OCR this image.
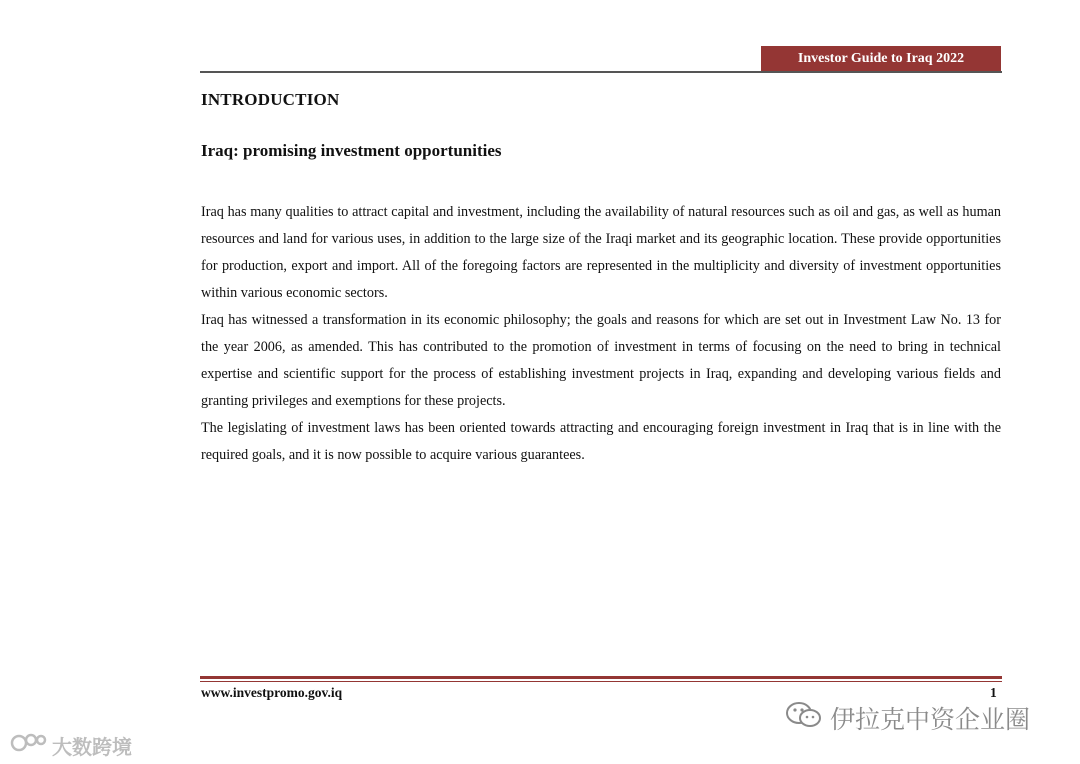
Investor Guide to Iraq 2022
INTRODUCTION
Iraq: promising investment opportunities

Iraq has many qualities to attract capital and investment, including the availability of natural resources such as oil and gas, as well as human resources and land for various uses, in addition to the large size of the Iraqi market and its geographic location. These provide opportunities for production, export and import. All of the foregoing factors are represented in the multiplicity and diversity of investment opportunities within various economic sectors.

Iraq has witnessed a transformation in its economic philosophy; the goals and reasons for which are set out in Investment Law No. 13 for the year 2006, as amended. This has contributed to the promotion of investment in terms of focusing on the need to bring in technical expertise and scientific support for the process of establishing investment projects in Iraq, expanding and developing various fields and granting privileges and exemptions for these projects.

The legislating of investment laws has been oriented towards attracting and encouraging foreign investment in Iraq that is in line with the required goals, and it is now possible to acquire various guarantees.

www.investpromo.gov.iq	1
伊拉克中资企业圈
大数跨境
